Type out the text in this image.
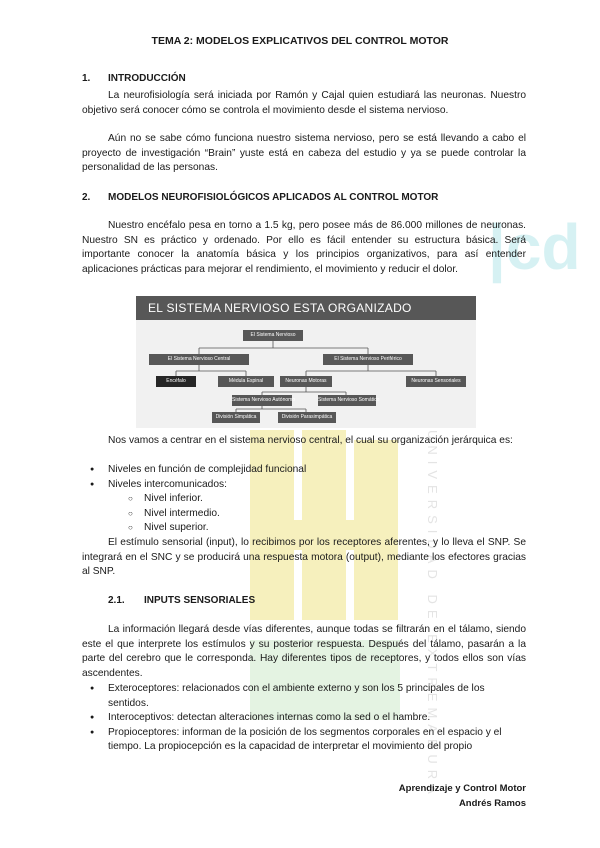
|cd
UNIVERSIDAD DE EXTREMADURA
TEMA 2: MODELOS EXPLICATIVOS DEL CONTROL MOTOR
1. INTRODUCCIÓN

La neurofisiología será iniciada por Ramón y Cajal quien estudiará las neuronas. Nuestro objetivo será conocer cómo se controla el movimiento desde el sistema nervioso.

Aún no se sabe cómo funciona nuestro sistema nervioso, pero se está llevando a cabo el proyecto de investigación “Brain” yuste está en cabeza del estudio y ya se puede controlar la personalidad de las personas.

2. MODELOS NEUROFISIOLÓGICOS APLICADOS AL CONTROL MOTOR

Nuestro encéfalo pesa en torno a 1.5 kg, pero posee más de 86.000 millones de neuronas. Nuestro SN es práctico y ordenado. Por ello es fácil entender su estructura básica. Será importante conocer la anatomía básica y los principios organizativos, para así entender aplicaciones prácticas para mejorar el rendimiento, el movimiento y reducir el dolor.

EL SISTEMA NERVIOSO ESTA ORGANIZADO
El Sistema Nervioso
El Sistema Nervioso Central	El Sistema Nervioso Periférico
Encéfalo	Médula Espinal	Neuronas Motoras	Neuronas Sensoriales
Sistema Nervioso Autónomo	Sistema Nervioso Somático
División Simpática	División Parasimpática

Nos vamos a centrar en el sistema nervioso central, el cual su organización jerárquica es:

● Niveles en función de complejidad funcional
● Niveles intercomunicados:
○ Nivel inferior.
○ Nivel intermedio.
○ Nivel superior.

El estímulo sensorial (input), lo recibimos por los receptores aferentes, y lo lleva el SNP. Se integrará en el SNC y se producirá una respuesta motora (output), mediante los efectores gracias al SNP.

2.1. INPUTS SENSORIALES

La información llegará desde vías diferentes, aunque todas se filtrarán en el tálamo, siendo este el que interprete los estímulos y su posterior respuesta. Después del tálamo, pasarán a la parte del cerebro que le corresponda. Hay diferentes tipos de receptores, y todos ellos son vías ascendentes.

● Exteroceptores: relacionados con el ambiente externo y son los 5 principales de los sentidos.
● Interoceptivos: detectan alteraciones internas como la sed o el hambre.
● Propioceptores: informan de la posición de los segmentos corporales en el espacio y el tiempo. La propiocepción es la capacidad de interpretar el movimiento del propio
Aprendizaje y Control Motor
Andrés Ramos
